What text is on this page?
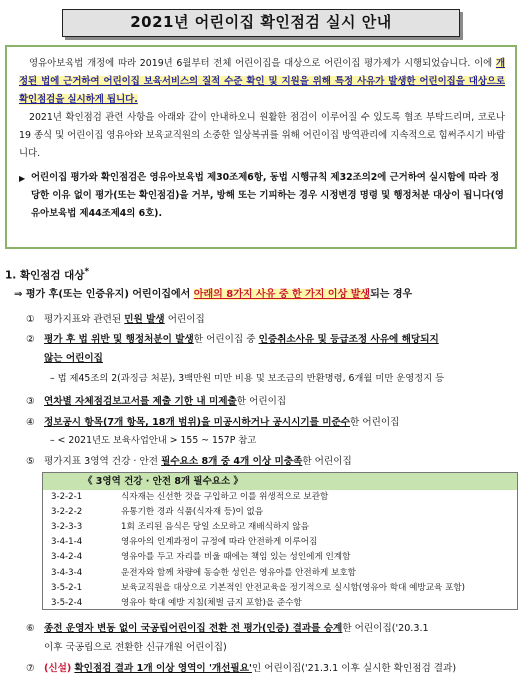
2021년 어린이집 확인점검 실시 안내

영유아보육법 개정에 따라 2019년 6월부터 전체 어린이집을 대상으로 어린이집 평가제가 시행되었습니다. 이에 개정된 법에 근거하여 어린이집 보육서비스의 질적 수준 확인 및 지원을 위해 특정 사유가 발생한 어린이집을 대상으로 확인점검을 실시하게 됩니다.

2021년 확인점검 관련 사항을 아래와 같이 안내하오니 원활한 점검이 이루어질 수 있도록 협조 부탁드리며, 코로나19 종식 및 어린이집 영유아와 보육교직원의 소중한 일상복귀를 위해 어린이집 방역관리에 지속적으로 힘써주시기 바랍니다.

▶ 어린이집 평가와 확인점검은 영유아보육법 제30조제6항, 동법 시행규칙 제32조의2에 근거하여 실시함에 따라 정당한 이유 없이 평가(또는 확인점검)을 거부, 방해 또는 기피하는 경우 시정변경 명령 및 행정처분 대상이 됩니다(영유아보육법 제44조제4의 6호).
1. 확인점검 대상*
⇒ 평가 후(또는 인증유지) 어린이집에서 아래의 8가지 사유 중 한 가지 이상 발생되는 경우
① 평가지표와 관련된 민원 발생 어린이집
② 평가 후 법 위반 및 행정처분이 발생한 어린이집 중 인증취소사유 및 등급조정 사유에 해당되지
않는 어린이집
– 법 제45조의 2(과징금 처분), 3백만원 미만 비용 및 보조금의 반환명령, 6개월 미만 운영정지 등
③ 연차별 자체점검보고서를 제출 기한 내 미제출한 어린이집
④ 정보공시 항목(7개 항목, 18개 범위)을 미공시하거나 공시시기를 미준수한 어린이집
– < 2021년도 보육사업안내 > 155 ~ 157P 참고
⑤ 평가지표 3영역 건강 · 안전 필수요소 8개 중 4개 이상 미충족한 어린이집
《 3영역 건강 · 안전 8개 필수요소 》
3-2-2-1	식자재는 신선한 것을 구입하고 이를 위생적으로 보관함
3-2-2-2	유통기한 경과 식품(식자재 등)이 없음
3-2-3-3	1회 조리된 음식은 당일 소모하고 재배식하지 않음
3-4-1-4	영유아의 인계과정이 규정에 따라 안전하게 이루어짐
3-4-2-4	영유아를 두고 자리를 비울 때에는 책임 있는 성인에게 인계함
3-4-3-4	운전자와 함께 차량에 동승한 성인은 영유아를 안전하게 보호함
3-5-2-1	보육교직원을 대상으로 기본적인 안전교육을 정기적으로 실시함(영유아 학대 예방교육 포함)
3-5-2-4	영유아 학대 예방 지침(체벌 금지 포함)을 준수함
⑥ 종전 운영자 변동 없이 국공립어린이집 전환 전 평가(인증) 결과를 승계한 어린이집('20.3.1
이후 국공립으로 전환한 신규개원 어린이집)
⑦ (신설) 확인점검 결과 1개 이상 영역이 '개선필요'인 어린이집('21.3.1 이후 실시한 확인점검 결과)
